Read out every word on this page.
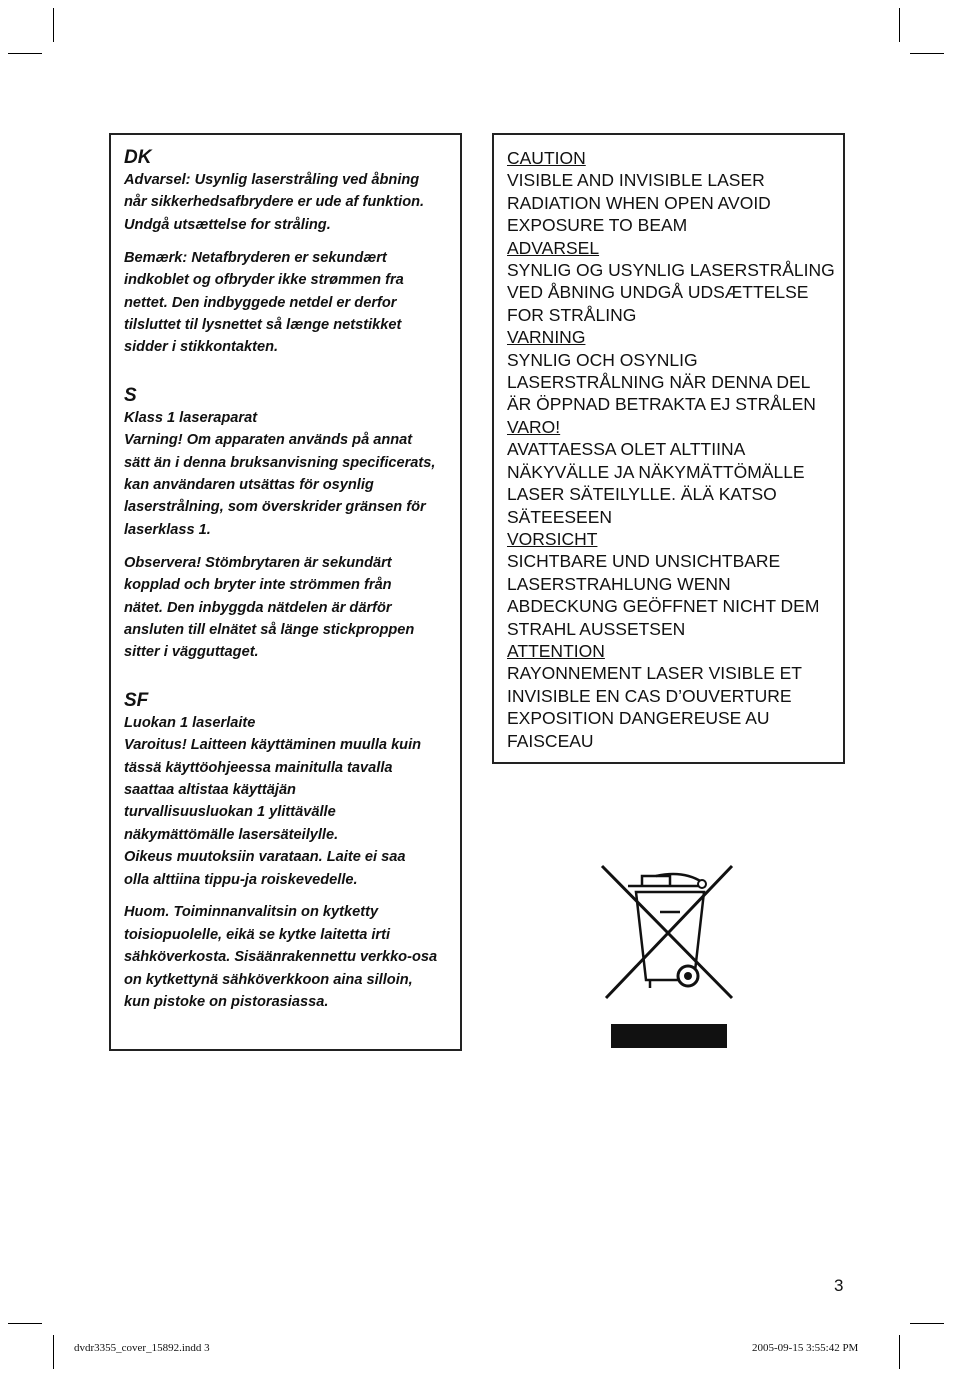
DK

Advarsel: Usynlig laserstråling ved åbning
når sikkerhedsafbrydere er ude af funktion.
Undgå utsættelse for stråling.

Bemærk: Netafbryderen er sekundært
indkoblet og ofbryder ikke strømmen fra
nettet. Den indbyggede netdel er derfor
tilsluttet til lysnettet så længe netstikket
sidder i stikkontakten.

S

Klass 1 laseraparat
Varning! Om apparaten används på annat
sätt än i denna bruksanvisning specificerats,
kan användaren utsättas för osynlig
laserstrålning, som överskrider gränsen för
laserklass 1.

Observera! Stömbrytaren är sekundärt
kopplad och bryter inte strömmen från
nätet. Den inbyggda nätdelen är därför
ansluten till elnätet så länge stickproppen
sitter i vägguttaget.

SF

Luokan 1 laserlaite
Varoitus! Laitteen käyttäminen muulla kuin
tässä käyttöohjeessa mainitulla tavalla
saattaa altistaa käyttäjän
turvallisuusluokan 1 ylittävälle
näkymättömälle lasersäteilylle.
Oikeus muutoksiin varataan. Laite ei saa
olla alttiina tippu-ja roiskevedelle.

Huom. Toiminnanvalitsin on kytketty
toisiopuolelle, eikä se kytke laitetta irti
sähköverkosta. Sisäänrakennettu verkko-osa
on kytkettynä sähköverkkoon aina silloin,
kun pistoke on pistorasiassa.

CAUTION

VISIBLE AND INVISIBLE LASER
RADIATION WHEN OPEN AVOID
EXPOSURE TO BEAM

ADVARSEL

SYNLIG OG USYNLIG LASERSTRÅLING
VED ÅBNING UNDGÅ UDSÆTTELSE
FOR STRÅLING

VARNING

SYNLIG OCH OSYNLIG
LASERSTRÅLNING NÄR DENNA DEL
ÄR ÖPPNAD BETRAKTA EJ STRÅLEN

VARO!

AVATTAESSA OLET ALTTIINA
NÄKYVÄLLE JA NÄKYMÄTTÖMÄLLE
LASER SÄTEILYLLE. ÄLÄ KATSO
SÄTEESEEN

VORSICHT

SICHTBARE UND UNSICHTBARE
LASERSTRAHLUNG WENN
ABDECKUNG GEÖFFNET NICHT DEM
STRAHL AUSSETSEN

ATTENTION

RAYONNEMENT LASER VISIBLE ET
INVISIBLE EN CAS D’OUVERTURE
EXPOSITION DANGEREUSE AU
FAISCEAU

3
dvdr3355_cover_15892.indd 3	2005-09-15 3:55:42 PM
